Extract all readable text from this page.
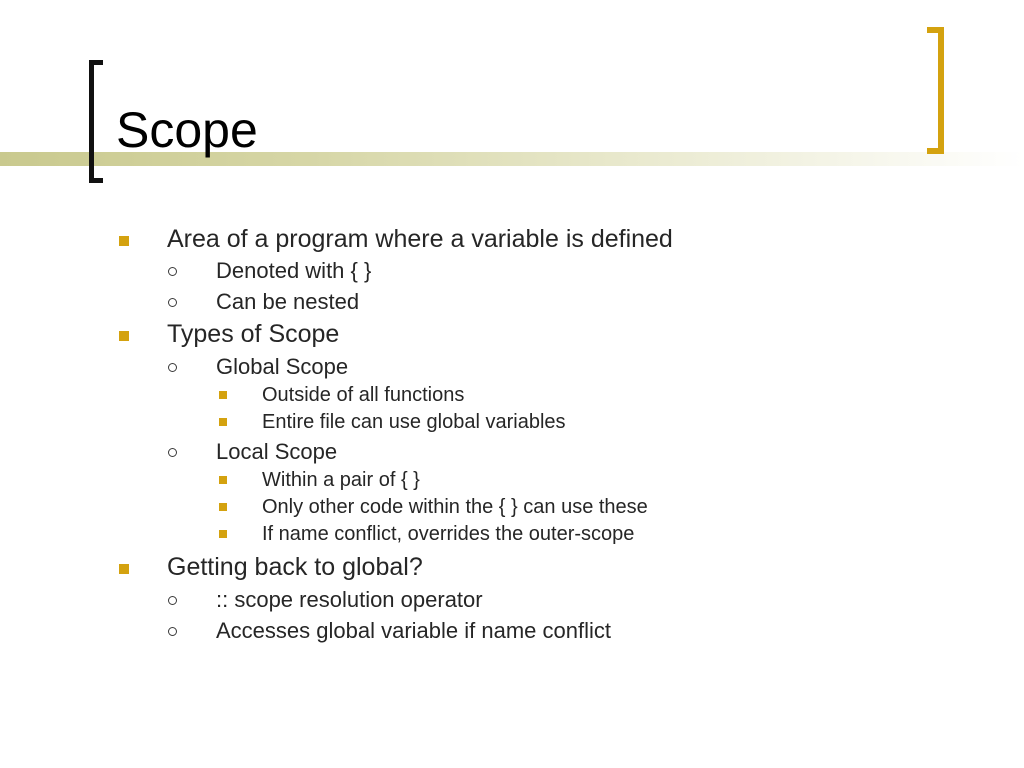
Scope
Area of a program where a variable is defined
Denoted with { }
Can be nested
Types of Scope
Global Scope
Outside of all functions
Entire file can use global variables
Local Scope
Within a pair of { }
Only other code within the { } can use these
If name conflict, overrides the outer-scope
Getting back to global?
:: scope resolution operator
Accesses global variable if name conflict
